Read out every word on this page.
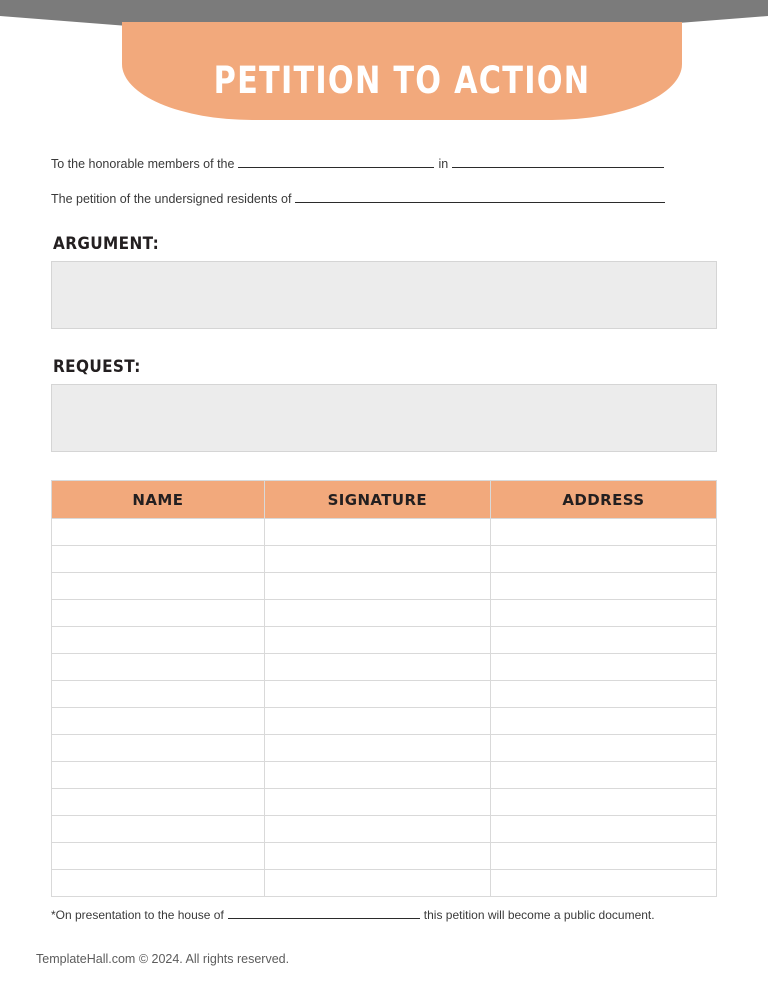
PETITION TO ACTION
To the honorable members of the	in
The petition of the undersigned residents of
ARGUMENT:
REQUEST:
NAME	SIGNATURE	ADDRESS

*On presentation to the house of	this petition will become a public document.
TemplateHall.com © 2024. All rights reserved.
